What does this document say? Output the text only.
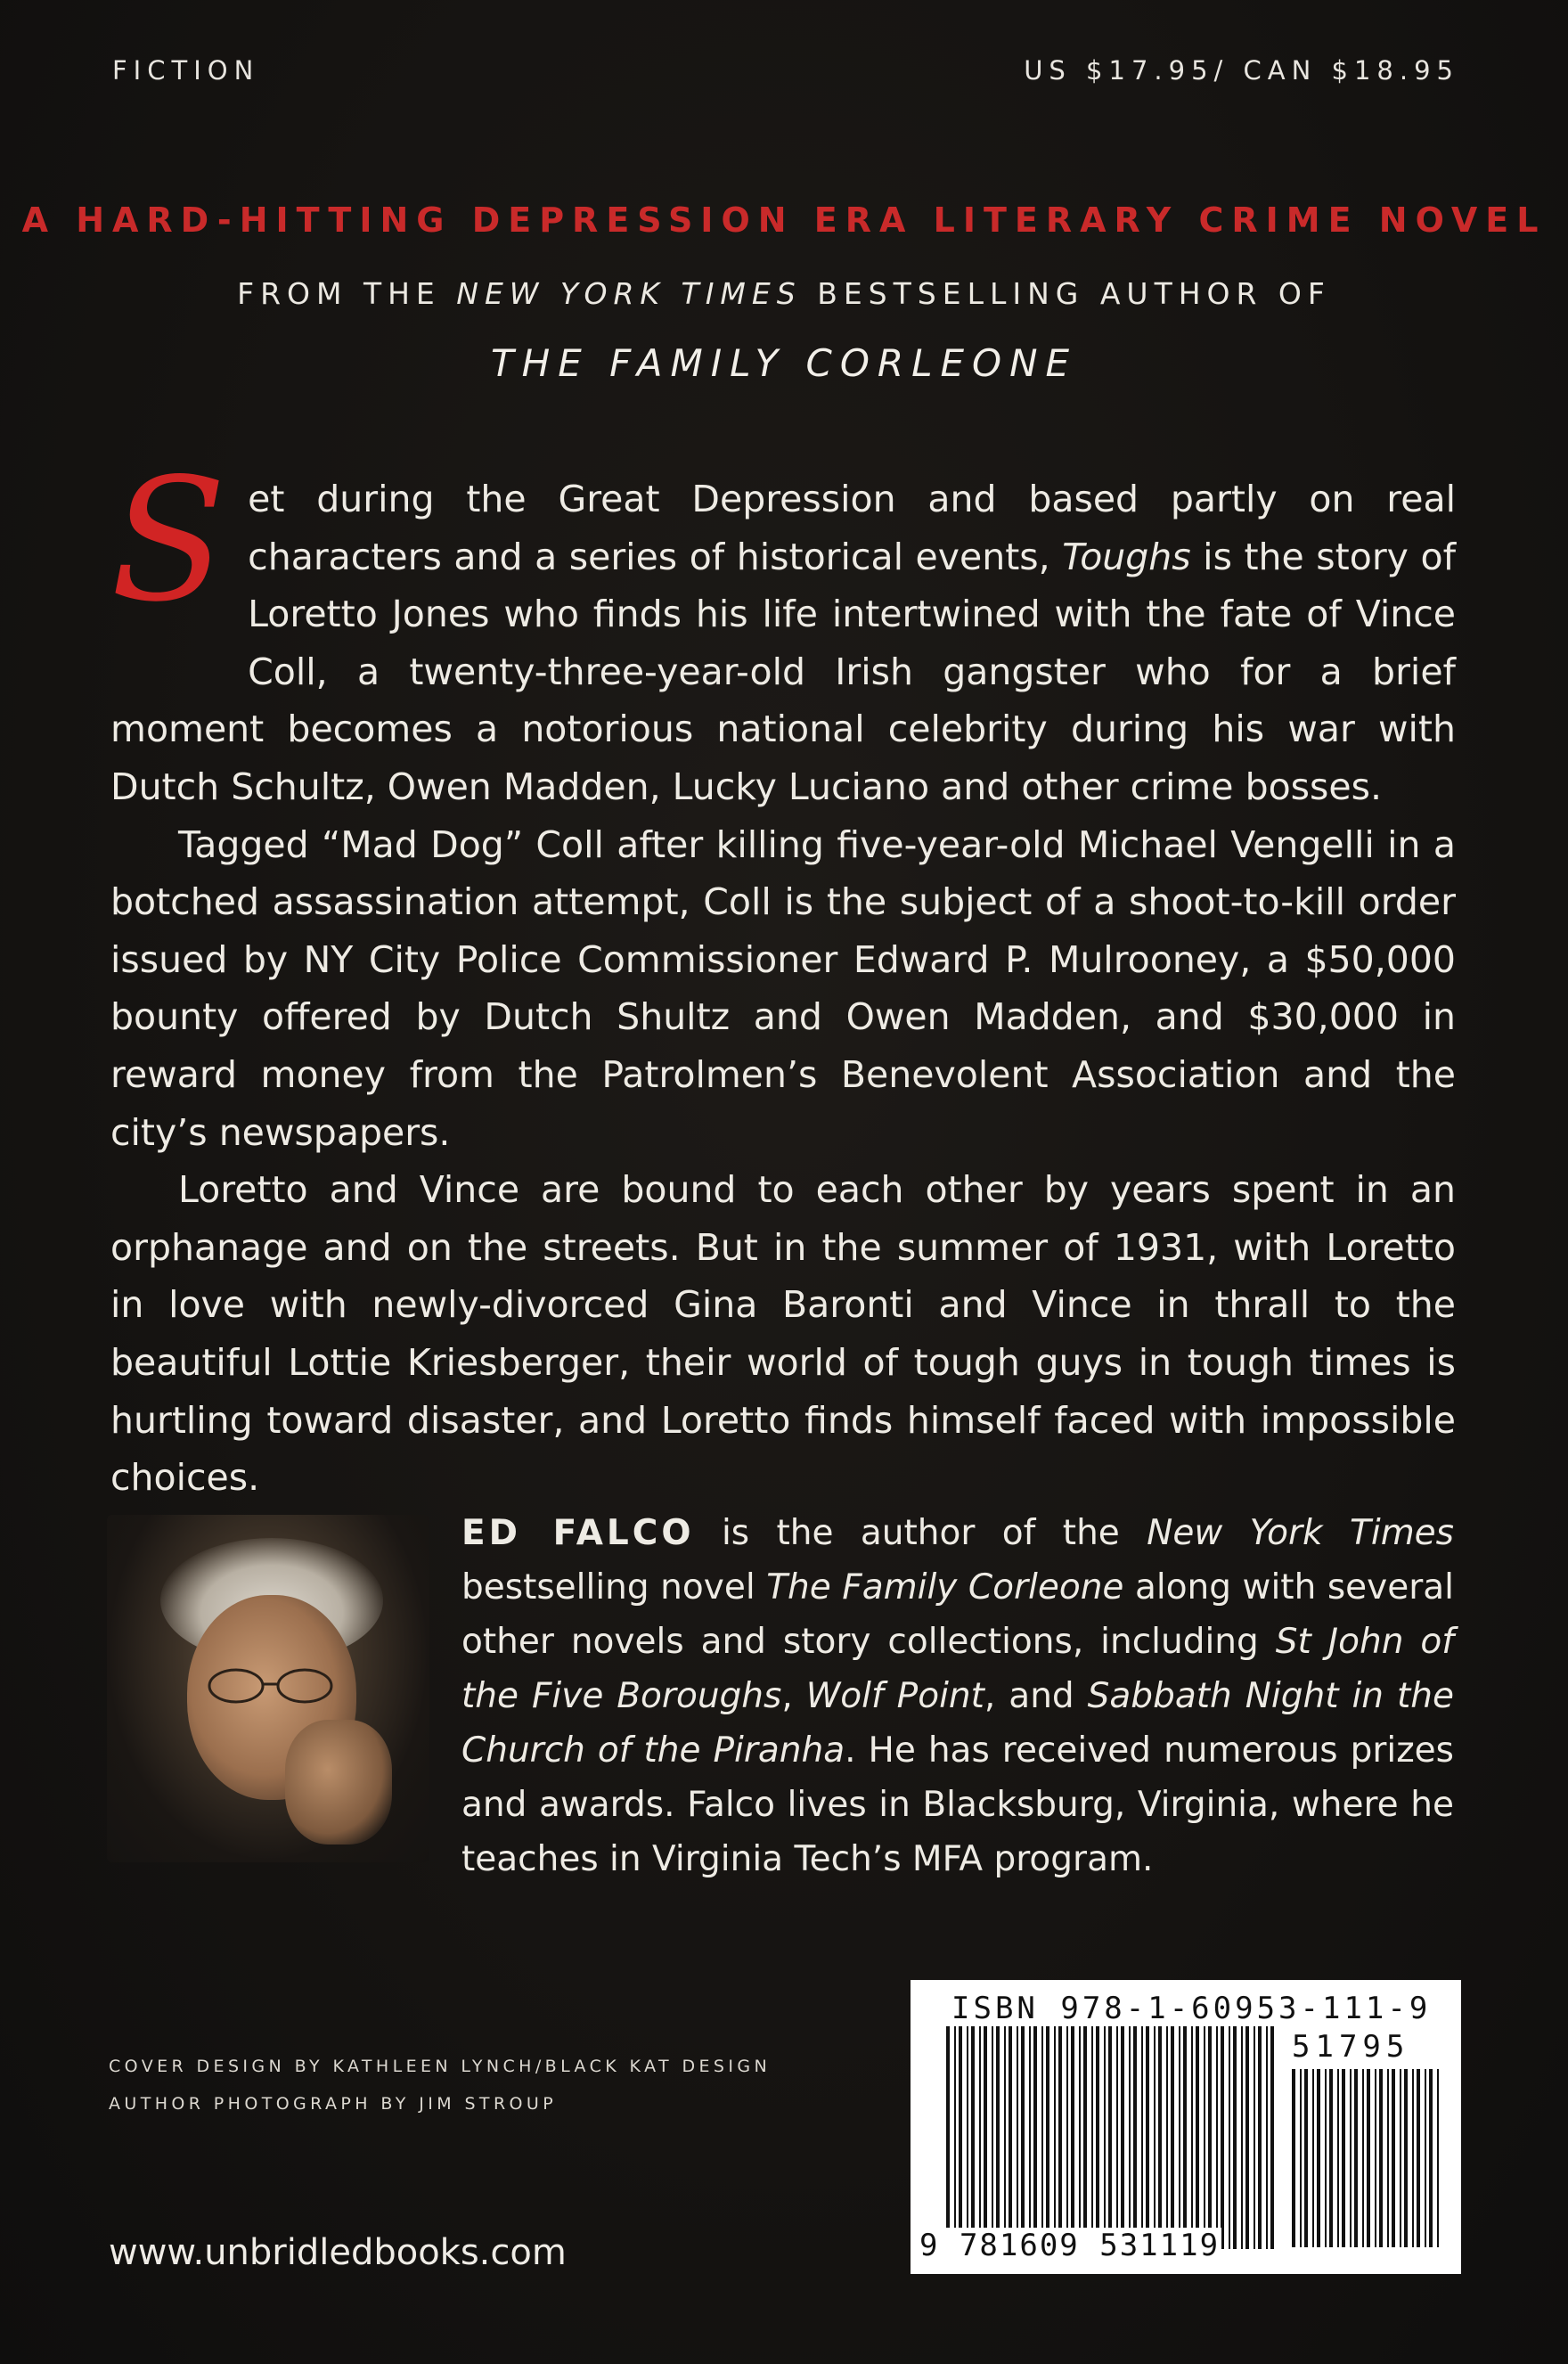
FICTION	US $17.95/ CAN $18.95
A HARD-HITTING DEPRESSION ERA LITERARY CRIME NOVEL
FROM THE NEW YORK TIMES BESTSELLING AUTHOR OF
THE FAMILY CORLEONE

Set during the Great Depression and based partly on real characters and a series of historical events, Toughs is the story of Loretto Jones who finds his life intertwined with the fate of Vince Coll, a twenty-three-year-old Irish gangster who for a brief moment becomes a notorious national celebrity during his war with Dutch Schultz, Owen Madden, Lucky Luciano and other crime bosses.

Tagged “Mad Dog” Coll after killing five-year-old Michael Vengelli in a botched assassination attempt, Coll is the subject of a shoot-to-kill order issued by NY City Police Commissioner Edward P. Mulrooney, a $50,000 bounty offered by Dutch Shultz and Owen Madden, and $30,000 in reward money from the Patrolmen’s Benevolent Association and the city’s newspapers.

Loretto and Vince are bound to each other by years spent in an orphanage and on the streets. But in the summer of 1931, with Loretto in love with newly-divorced Gina Baronti and Vince in thrall to the beautiful Lottie Kriesberger, their world of tough guys in tough times is hurtling toward disaster, and Loretto finds himself faced with impossible choices.

ED FALCO is the author of the New York Times bestselling novel The Family Corleone along with several other novels and story collections, including St John of the Five Boroughs, Wolf Point, and Sabbath Night in the Church of the Piranha. He has received numerous prizes and awards. Falco lives in Blacksburg, Virginia, where he teaches in Virginia Tech’s MFA program.
COVER DESIGN BY KATHLEEN LYNCH/BLACK KAT DESIGN
AUTHOR PHOTOGRAPH BY JIM STROUP
www.unbridledbooks.com
ISBN 978-1-60953-111-9
51795
9 781609 531119
